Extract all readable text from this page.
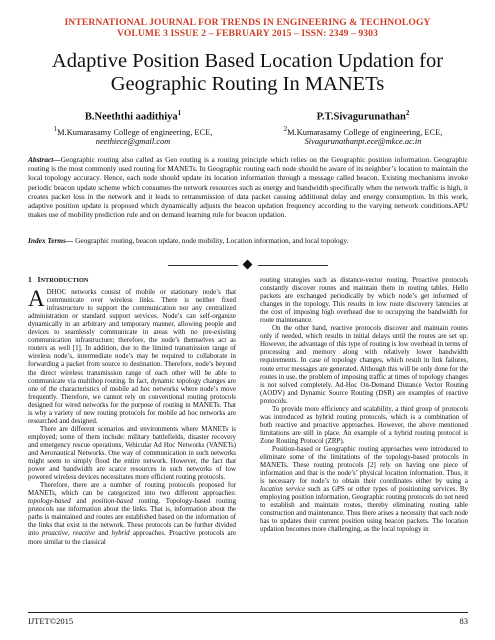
INTERNATIONAL JOURNAL FOR TRENDS IN ENGINEERING & TECHNOLOGY
VOLUME 3 ISSUE 2 – FEBRUARY 2015 – ISSN: 2349 – 9303
Adaptive Position Based Location Updation for
Geographic Routing In MANETs
B.Neeththi aadithiya$^1$
$^1$M.Kumarasamy College of engineering, ECE,
neethiece@gmail.com
P.T.Sivagurunathan$^2$
$^2$M.Kumarasamy College of engineering, ECE,
Sivagurunathanpt.ece@mkce.ac.in
Abstract—Geographic routing also called as Geo routing is a routing principle which relies on the Geographic position information. Geographic routing is the most commonly used routing for MANETs. In Geographic routing each node should be aware of its neighbor’s location to maintain the local topology accuracy. Hence, each node should update its location information through a message called beacon. Existing mechanisms invoke periodic beacon update scheme which consumes the network resources such as energy and bandwidth specifically when the network traffic is high, it creates packet loss in the network and it leads to retransmission of data packet causing additional delay and energy consumption. In this work, adaptive position update is proposed which dynamically adjusts the beacon updation frequency according to the varying network conditions.APU makes use of mobility prediction rule and on demand learning rule for beacon updation.
Index Terms— Geographic routing, beacon update, node mobility, Location information, and local topology.
1 INTRODUCTION

ADHOC networks consist of mobile or stationary node’s that communicate over wireless links. There is neither fixed infrastructure to support the communication nor any centralized administration or standard support services. Node’s can self-organize dynamically in an arbitrary and temporary manner, allowing people and devices to seamlessly communicate in areas with no pre-existing communication infrastructure; therefore, the node’s themselves act as routers as well [1]. In addition, due to the limited transmission range of wireless node’s, intermediate node’s may be required to collaborate in forwarding a packet from source to destination. Therefore, node’s beyond the direct wireless transmission range of each other will be able to communicate via multihop routing. In fact, dynamic topology changes are one of the characteristics of mobile ad hoc networks where node’s move frequently. Therefore, we cannot rely on conventional routing protocols designed for wired networks for the purpose of routing in MANETs. That is why a variety of new routing protocols for mobile ad hoc networks are researched and designed.

There are different scenarios and environments where MANETs is employed; some of them include: military battlefields, disaster recovery and emergency rescue operations, Vehicular Ad Hoc Networks (VANETs) and Aeronautical Networks. One way of communication in such networks might seem to simply flood the entire network. However, the fact that power and bandwidth are scarce resources in such networks of low powered wireless devices necessitates more efficient routing protocols.

Therefore, there are a number of routing protocols proposed for MANETs, which can be categorized into two different approaches: topology-based and position-based routing. Topology-based routing protocols use information about the links. That is, information about the paths is maintained and routes are established based on the information of the links that exist in the network. These protocols can be further divided into proactive, reactive and hybrid approaches. Proactive protocols are more similar to the classical

routing strategies such as distance-vector routing. Proactive protocols constantly discover routes and maintain them in routing tables. Hello packets are exchanged periodically by which node’s get informed of changes in the topology. This results in low route discovery latencies at the cost of imposing high overhead due to occupying the bandwidth for route maintenance.

On the other hand, reactive protocols discover and maintain routes only if needed, which results in initial delays until the routes are set up. However, the advantage of this type of routing is low overhead in terms of processing and memory along with relatively lower bandwidth requirements. In case of topology changes, which result in link failures, route error messages are generated. Although this will be only done for the routes in use, the problem of imposing traffic at times of topology changes is not solved completely. Ad-Hoc On-Demand Distance Vector Routing (AODV) and Dynamic Source Routing (DSR) are examples of reactive protocols.

To provide more efficiency and scalability, a third group of protocols was introduced as hybrid routing protocols, which is a combination of both reactive and proactive approaches. However, the above mentioned limitations are still in place. An example of a hybrid routing protocol is Zone Routing Protocol (ZRP).

Position-based or Geographic routing approaches were introduced to eliminate some of the limitations of the topology-based protocols in MANETs. These routing protocols [2] rely on having one piece of information and that is the node’s’ physical location information. Thus, it is necessary for node’s to obtain their coordinates either by using a location service such as GPS or other types of positioning services. By employing position information, Geographic routing protocols do not need to establish and maintain routes, thereby eliminating routing table construction and maintenance. Thus there arises a necessity that each node has to updates their current position using beacon packets. The location updation becomes more challenging, as the local topology in

IJTET©2015	83
